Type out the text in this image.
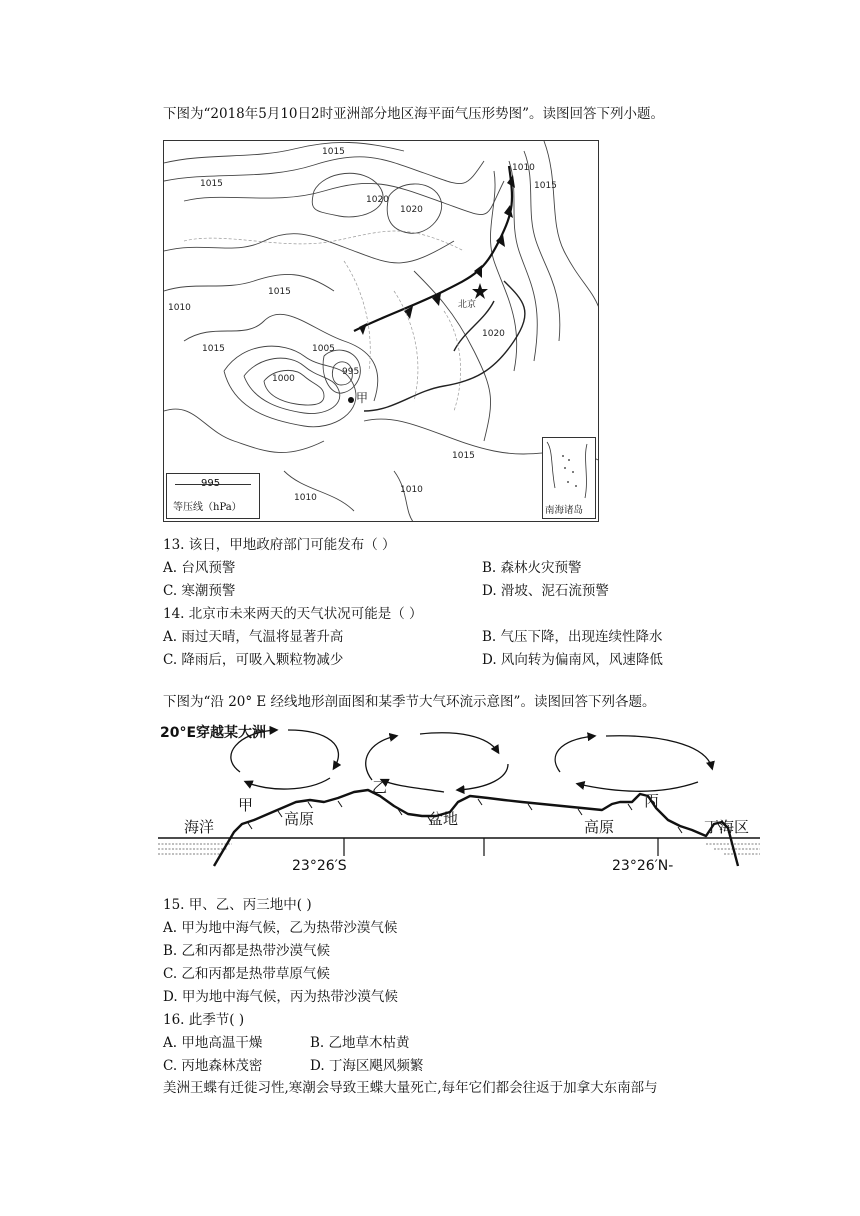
下图为“2018年5月10日2时亚洲部分地区海平面气压形势图”。读图回答下列小题。
1015
1015
1020
1020
1010
1015
1015
1010
1005
1000
995
1020
1015
1010
1010
1015
甲
北京
995
等压线（hPa）	南海诸岛
13. 该日，甲地政府部门可能发布（ ）
A. 台风预警	B. 森林火灾预警
C. 寒潮预警	D. 滑坡、泥石流预警
14. 北京市未来两天的天气状况可能是（ ）
A. 雨过天晴，气温将显著升高	B. 气压下降，出现连续性降水
C. 降雨后，可吸入颗粒物减少	D. 风向转为偏南风，风速降低
下图为“沿 20° E 经线地形剖面图和某季节大气环流示意图”。读图回答下列各题。
20°E穿越某大洲
海洋	高原	盆地	高原	丁海区
甲
乙
丙
23°26′S	23°26′N-
15. 甲、乙、丙三地中( )
A. 甲为地中海气候，乙为热带沙漠气候
B. 乙和丙都是热带沙漠气候
C. 乙和丙都是热带草原气候
D. 甲为地中海气候，丙为热带沙漠气候
16. 此季节( )
A. 甲地高温干燥	B. 乙地草木枯黄
C. 丙地森林茂密	D. 丁海区飓风频繁
美洲王蝶有迁徙习性,寒潮会导致王蝶大量死亡,每年它们都会往返于加拿大东南部与
